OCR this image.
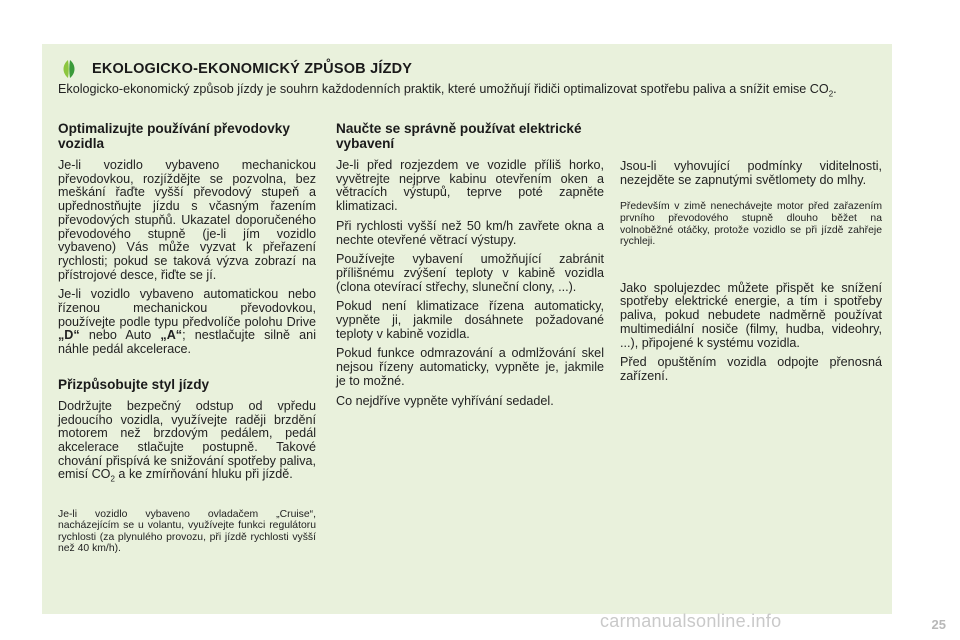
EKOLOGICKO-EKONOMICKÝ ZPŮSOB JÍZDY
Ekologicko-ekonomický způsob jízdy je souhrn každodenních praktik, které umožňují řidiči optimalizovat spotřebu paliva a snížit emise $CO_2$.
Optimalizujte používání převodovky vozidla

Je-li vozidlo vybaveno mechanickou převodovkou, rozjíždějte se pozvolna, bez meškání řaďte vyšší převodový stupeň a upřednostňujte jízdu s včasným řazením převodových stupňů. Ukazatel doporučeného převodového stupně (je-li jím vozidlo vybaveno) Vás může vyzvat k přeřazení rychlosti; pokud se taková výzva zobrazí na přístrojové desce, řiďte se jí.

Je-li vozidlo vybaveno automatickou nebo řízenou mechanickou převodovkou, používejte podle typu předvolíče polohu Drive „D“ nebo Auto „A“; nestlačujte silně ani náhle pedál akcelerace.

Přizpůsobujte styl jízdy

Dodržujte bezpečný odstup od vpředu jedoucího vozidla, využívejte raději brzdění motorem než brzdovým pedálem, pedál akcelerace stlačujte postupně. Takové chování přispívá ke snižování spotřeby paliva, emisí $CO_2$ a ke zmírňování hluku při jízdě.

Je-li vozidlo vybaveno ovladačem „Cruise“, nacházejícím se u volantu, využívejte funkci regulátoru rychlosti (za plynulého provozu, při jízdě rychlosti vyšší než 40 km/h).

Naučte se správně používat elektrické vybavení

Je-li před rozjezdem ve vozidle příliš horko, vyvětrejte nejprve kabinu otevřením oken a větracích výstupů, teprve poté zapněte klimatizaci.

Při rychlosti vyšší než 50 km/h zavřete okna a nechte otevřené větrací výstupy.

Používejte vybavení umožňující zabránit přílišnému zvýšení teploty v kabině vozidla (clona otevírací střechy, sluneční clony, ...).

Pokud není klimatizace řízena automaticky, vypněte ji, jakmile dosáhnete požadované teploty v kabině vozidla.

Pokud funkce odmrazování a odmlžování skel nejsou řízeny automaticky, vypněte je, jakmile je to možné.

Co nejdříve vypněte vyhřívání sedadel.

Jsou-li vyhovující podmínky viditelnosti, nezejděte se zapnutými světlomety do mlhy.

Především v zimě nenechávejte motor před zařazením prvního převodového stupně dlouho běžet na volnoběžné otáčky, protože vozidlo se při jízdě zahřeje rychleji.

Jako spolujezdec můžete přispět ke snížení spotřeby elektrické energie, a tím i spotřeby paliva, pokud nebudete nadměrně používat multimediální nosiče (filmy, hudba, videohry, ...), připojené k systému vozidla.

Před opuštěním vozidla odpojte přenosná zařízení.

carmanualsonline.info	25
